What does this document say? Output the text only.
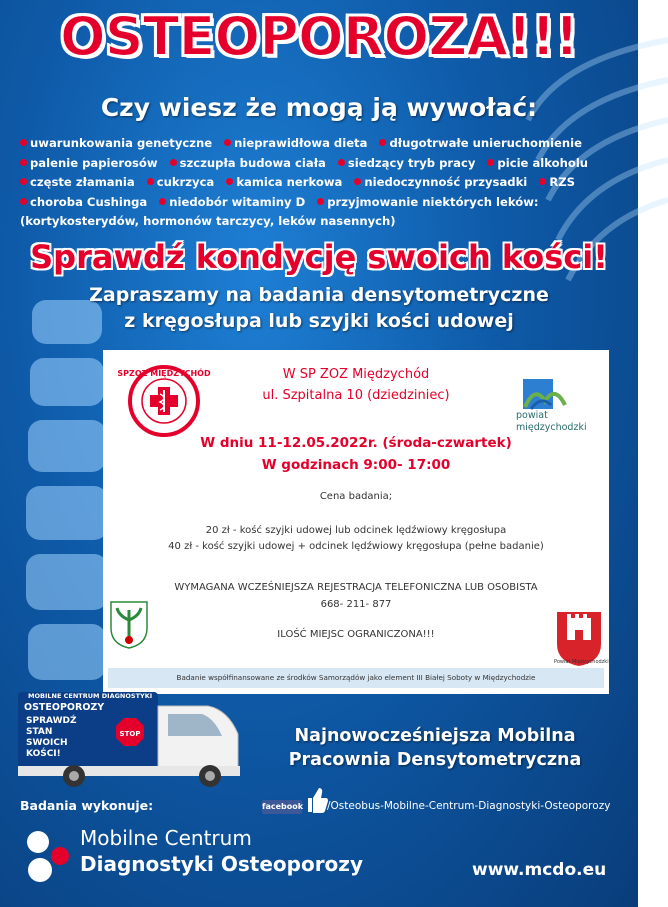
OSTEOPOROZA!!!
Czy wiesz że mogą ją wywołać:
uwarunkowania genetyczne nieprawidłowa dieta długotrwałe unieruchomienie
palenie papierosów szczupła budowa ciała siedzący tryb pracy picie alkoholu
częste złamania cukrzyca kamica nerkowa niedoczynność przysadki RZS
choroba Cushinga niedobór witaminy D przyjmowanie niektórych leków:
(kortykosterydów, hormonów tarczycy, leków nasennych)
Sprawdź kondycję swoich kości!
Zapraszamy na badania densytometryczne
z kręgosłupa lub szyjki kości udowej
SPZOZ MIĘDZYCHÓD
powiat
międzychodzki
W SP ZOZ Międzychód
ul. Szpitalna 10 (dziedziniec)
W dniu 11-12.05.2022r. (środa-czwartek)
W godzinach 9:00- 17:00
Cena badania;
20 zł - kość szyjki udowej lub odcinek lędźwiowy kręgosłupa
40 zł - kość szyjki udowej + odcinek lędźwiowy kręgosłupa (pełne badanie)
WYMAGANA WCZEŚNIEJSZA REJESTRACJA TELEFONICZNA LUB OSOBISTA
668- 211- 877
ILOŚĆ MIEJSC OGRANICZONA!!!
Powiat Międzychodzki
Badanie współfinansowane ze środków Samorządów jako element III Białej Soboty w Międzychodzie
STOP
MOBILNE CENTRUM DIAGNOSTYKI
OSTEOPOROZY
SPRAWDŹ STAN SWOICH KOŚCI!
Najnowocześniejsza Mobilna
Pracownia Densytometryczna
Badania wykonuje:	facebook /Osteobus-Mobilne-Centrum-Diagnostyki-Osteoporozy
Mobilne Centrum
Diagnostyki Osteoporozy	www.mcdo.eu
